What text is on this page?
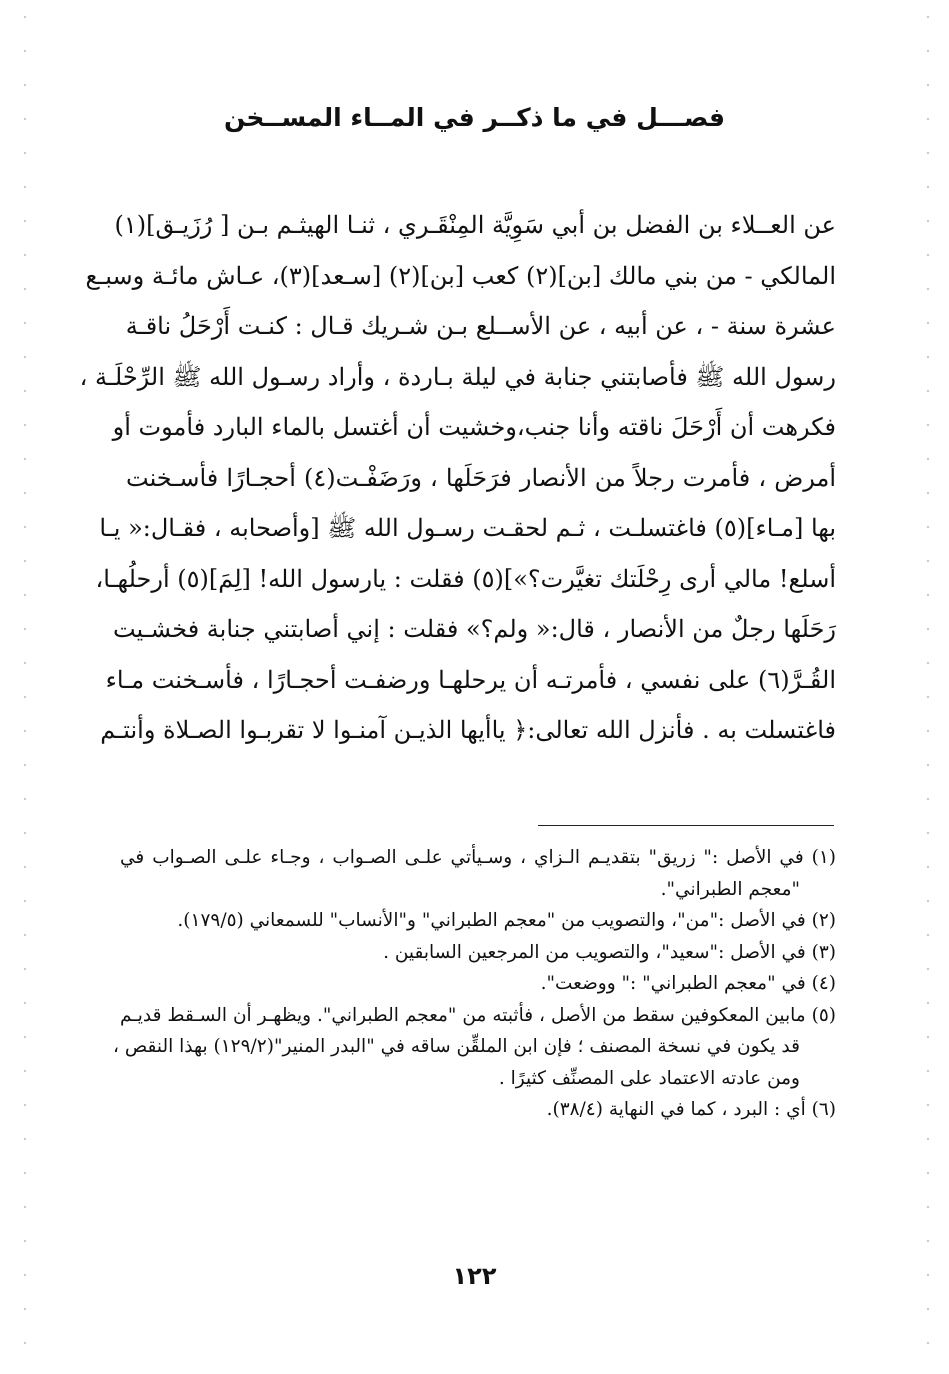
فصـــل في ما ذكــر في المــاء المســخن
عن العــلاء بن الفضل بن أبي سَوِيَّة المِنْقَـري ، ثنـا الهيثـم بـن [ رُزَيـق](١)
المالكي - من بني مالك [بن](٢) كعب [بن](٢) [سـعد](٣)، عـاش مائـة وسبـع
عشرة سنة - ، عن أبيه ، عن الأســلع بـن شـريك قـال : كنـت أَرْحَلُ ناقـة
رسول الله ﷺ فأصابتني جنابة في ليلة بـاردة ، وأراد رسـول الله ﷺ الرِّحْلَـة ،
فكرهت أن أَرْحَلَ ناقته وأنا جنب،وخشيت أن أغتسل بالماء البارد فأموت أو
أمرض ، فأمرت رجلاً من الأنصار فرَحَلَها ، ورَضَفْـت(٤) أحجـارًا فأسـخنت
بها [مـاء](٥) فاغتسلـت ، ثـم لحقـت رسـول الله ﷺ [وأصحابه ، فقـال:« يـا
أسلع! مالي أرى رِحْلَتك تغيَّرت؟»](٥) فقلت : يارسول الله! [لِمَ](٥) أرحلُهـا،
رَحَلَها رجلٌ من الأنصار ، قال:« ولم؟» فقلت : إني أصابتني جنابة فخشـيت
القُـرَّ(٦) على نفسي ، فأمرتـه أن يرحلهـا ورضفـت أحجـارًا ، فأسـخنت مـاء
فاغتسلت به . فأنزل الله تعالى:﴿ ياأيها الذيـن آمنـوا لا تقربـوا الصـلاة وأنتـم
(١) في الأصل :" زريق" بتقديـم الـزاي ، وسـيأتي علـى الصـواب ، وجـاء علـى الصـواب في
"معجم الطبراني".
(٢) في الأصل :"من"، والتصويب من "معجم الطبراني" و"الأنساب" للسمعاني (١٧٩/٥).
(٣) في الأصل :"سعيد"، والتصويب من المرجعين السابقين .
(٤) في "معجم الطبراني" :" ووضعت".
(٥) مابين المعكوفين سقط من الأصل ، فأثبته من "معجم الطبراني". ويظهـر أن السـقط قديـم
قد يكون في نسخة المصنف ؛ فإن ابن الملقِّن ساقه في "البدر المنير"(١٢٩/٢) بهذا النقص ،
ومن عادته الاعتماد على المصنِّف كثيرًا .
(٦) أي : البرد ، كما في النهاية (٣٨/٤).
١٢٢
